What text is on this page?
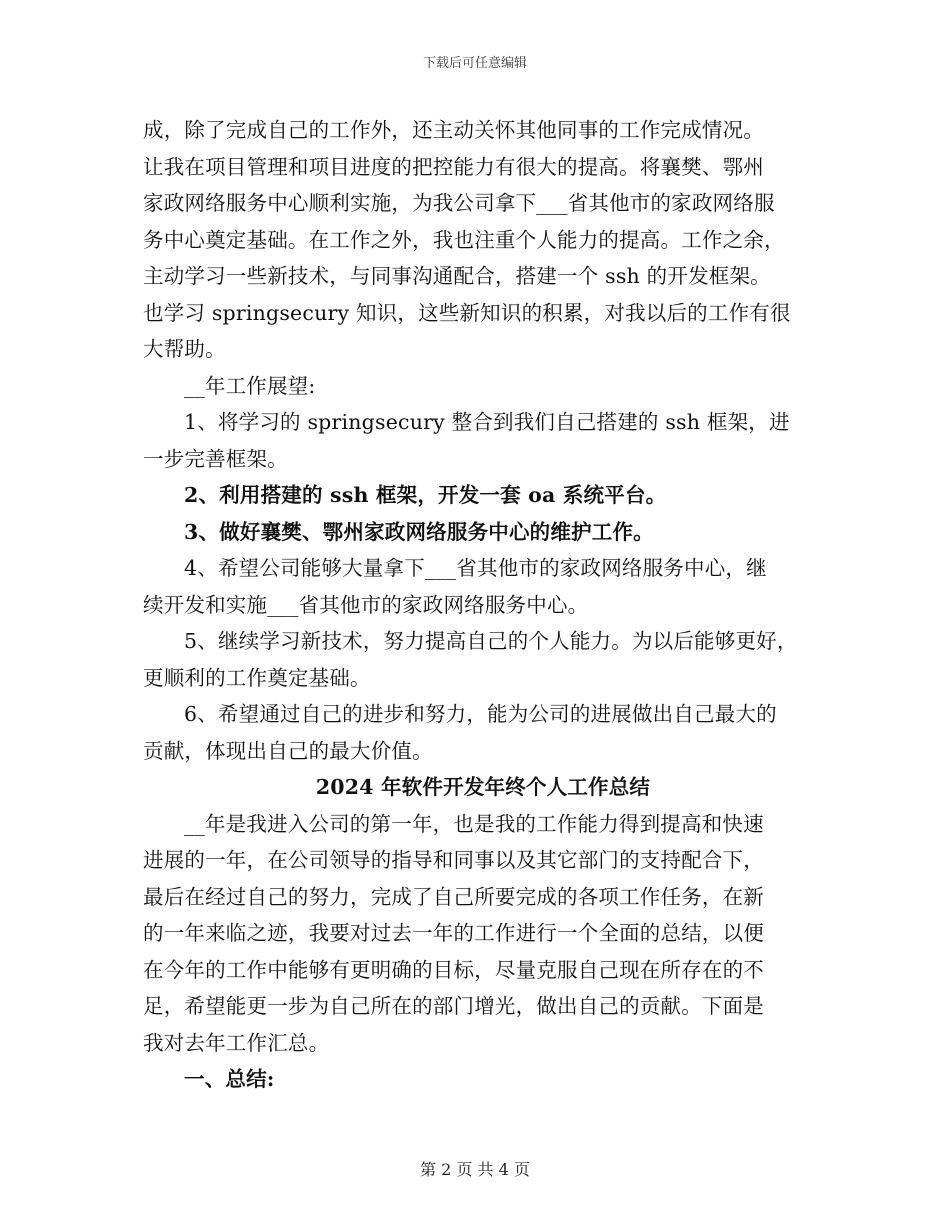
下载后可任意编辑
成，除了完成自己的工作外，还主动关怀其他同事的工作完成情况。
让我在项目管理和项目进度的把控能力有很大的提高。将襄樊、鄂州
家政网络服务中心顺利实施，为我公司拿下___省其他市的家政网络服
务中心奠定基础。在工作之外，我也注重个人能力的提高。工作之余，
主动学习一些新技术，与同事沟通配合，搭建一个 ssh 的开发框架。
也学习 springsecury 知识，这些新知识的积累，对我以后的工作有很
大帮助。
__年工作展望:
1、将学习的 springsecury 整合到我们自己搭建的 ssh 框架，进
一步完善框架。
2、利用搭建的 ssh 框架，开发一套 oa 系统平台。
3、做好襄樊、鄂州家政网络服务中心的维护工作。
4、希望公司能够大量拿下___省其他市的家政网络服务中心，继
续开发和实施___省其他市的家政网络服务中心。
5、继续学习新技术，努力提高自己的个人能力。为以后能够更好，
更顺利的工作奠定基础。
6、希望通过自己的进步和努力，能为公司的进展做出自己最大的
贡献，体现出自己的最大价值。
2024 年软件开发年终个人工作总结
__年是我进入公司的第一年，也是我的工作能力得到提高和快速
进展的一年，在公司领导的指导和同事以及其它部门的支持配合下，
最后在经过自己的努力，完成了自己所要完成的各项工作任务，在新
的一年来临之迹，我要对过去一年的工作进行一个全面的总结，以便
在今年的工作中能够有更明确的目标，尽量克服自己现在所存在的不
足，希望能更一步为自己所在的部门增光，做出自己的贡献。下面是
我对去年工作汇总。
一、总结:
第 2 页 共 4 页
